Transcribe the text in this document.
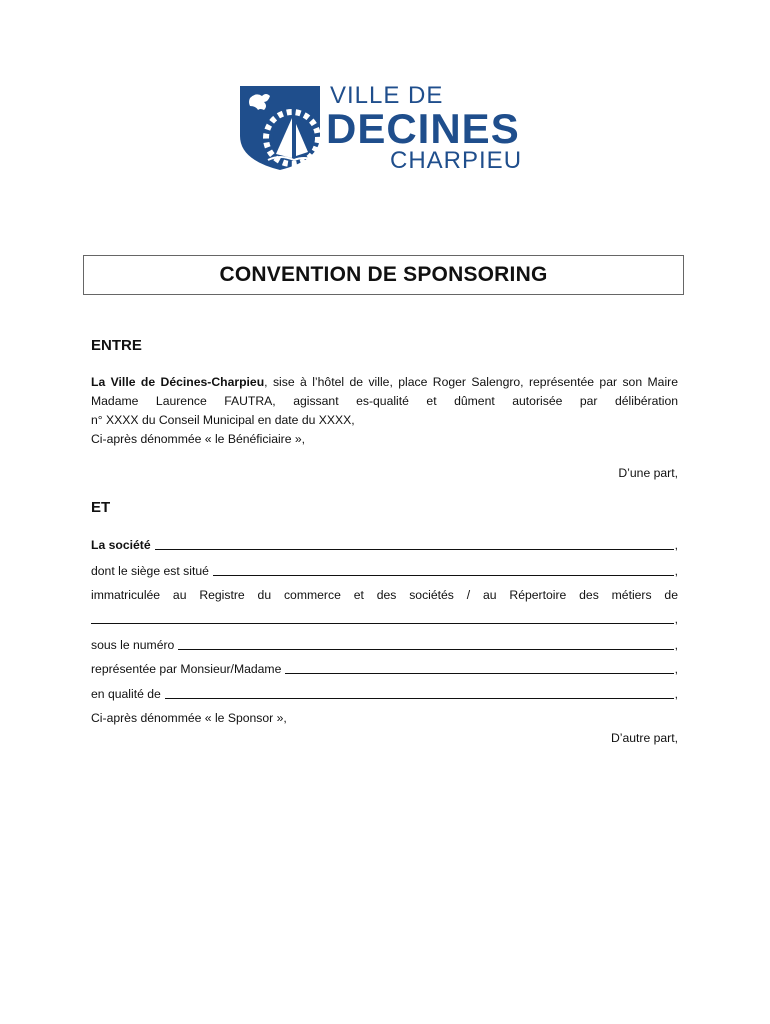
VILLE DE
DECINES
CHARPIEU
CONVENTION DE SPONSORING
ENTRE
La Ville de Décines-Charpieu, sise à l’hôtel de ville, place Roger Salengro, représentée par son Maire
Madame Laurence FAUTRA, agissant es-qualité et dûment autorisée par délibération
n° XXXX du Conseil Municipal en date du XXXX,
Ci-après dénommée « le Bénéficiaire »,
D’une part,
ET
La société	,
dont le siège est situé	,
immatriculée au Registre du commerce et des sociétés / au Répertoire des métiers de
,
sous le numéro	,
représentée par Monsieur/Madame	,
en qualité de	,
Ci-après dénommée « le Sponsor »,
D’autre part,
